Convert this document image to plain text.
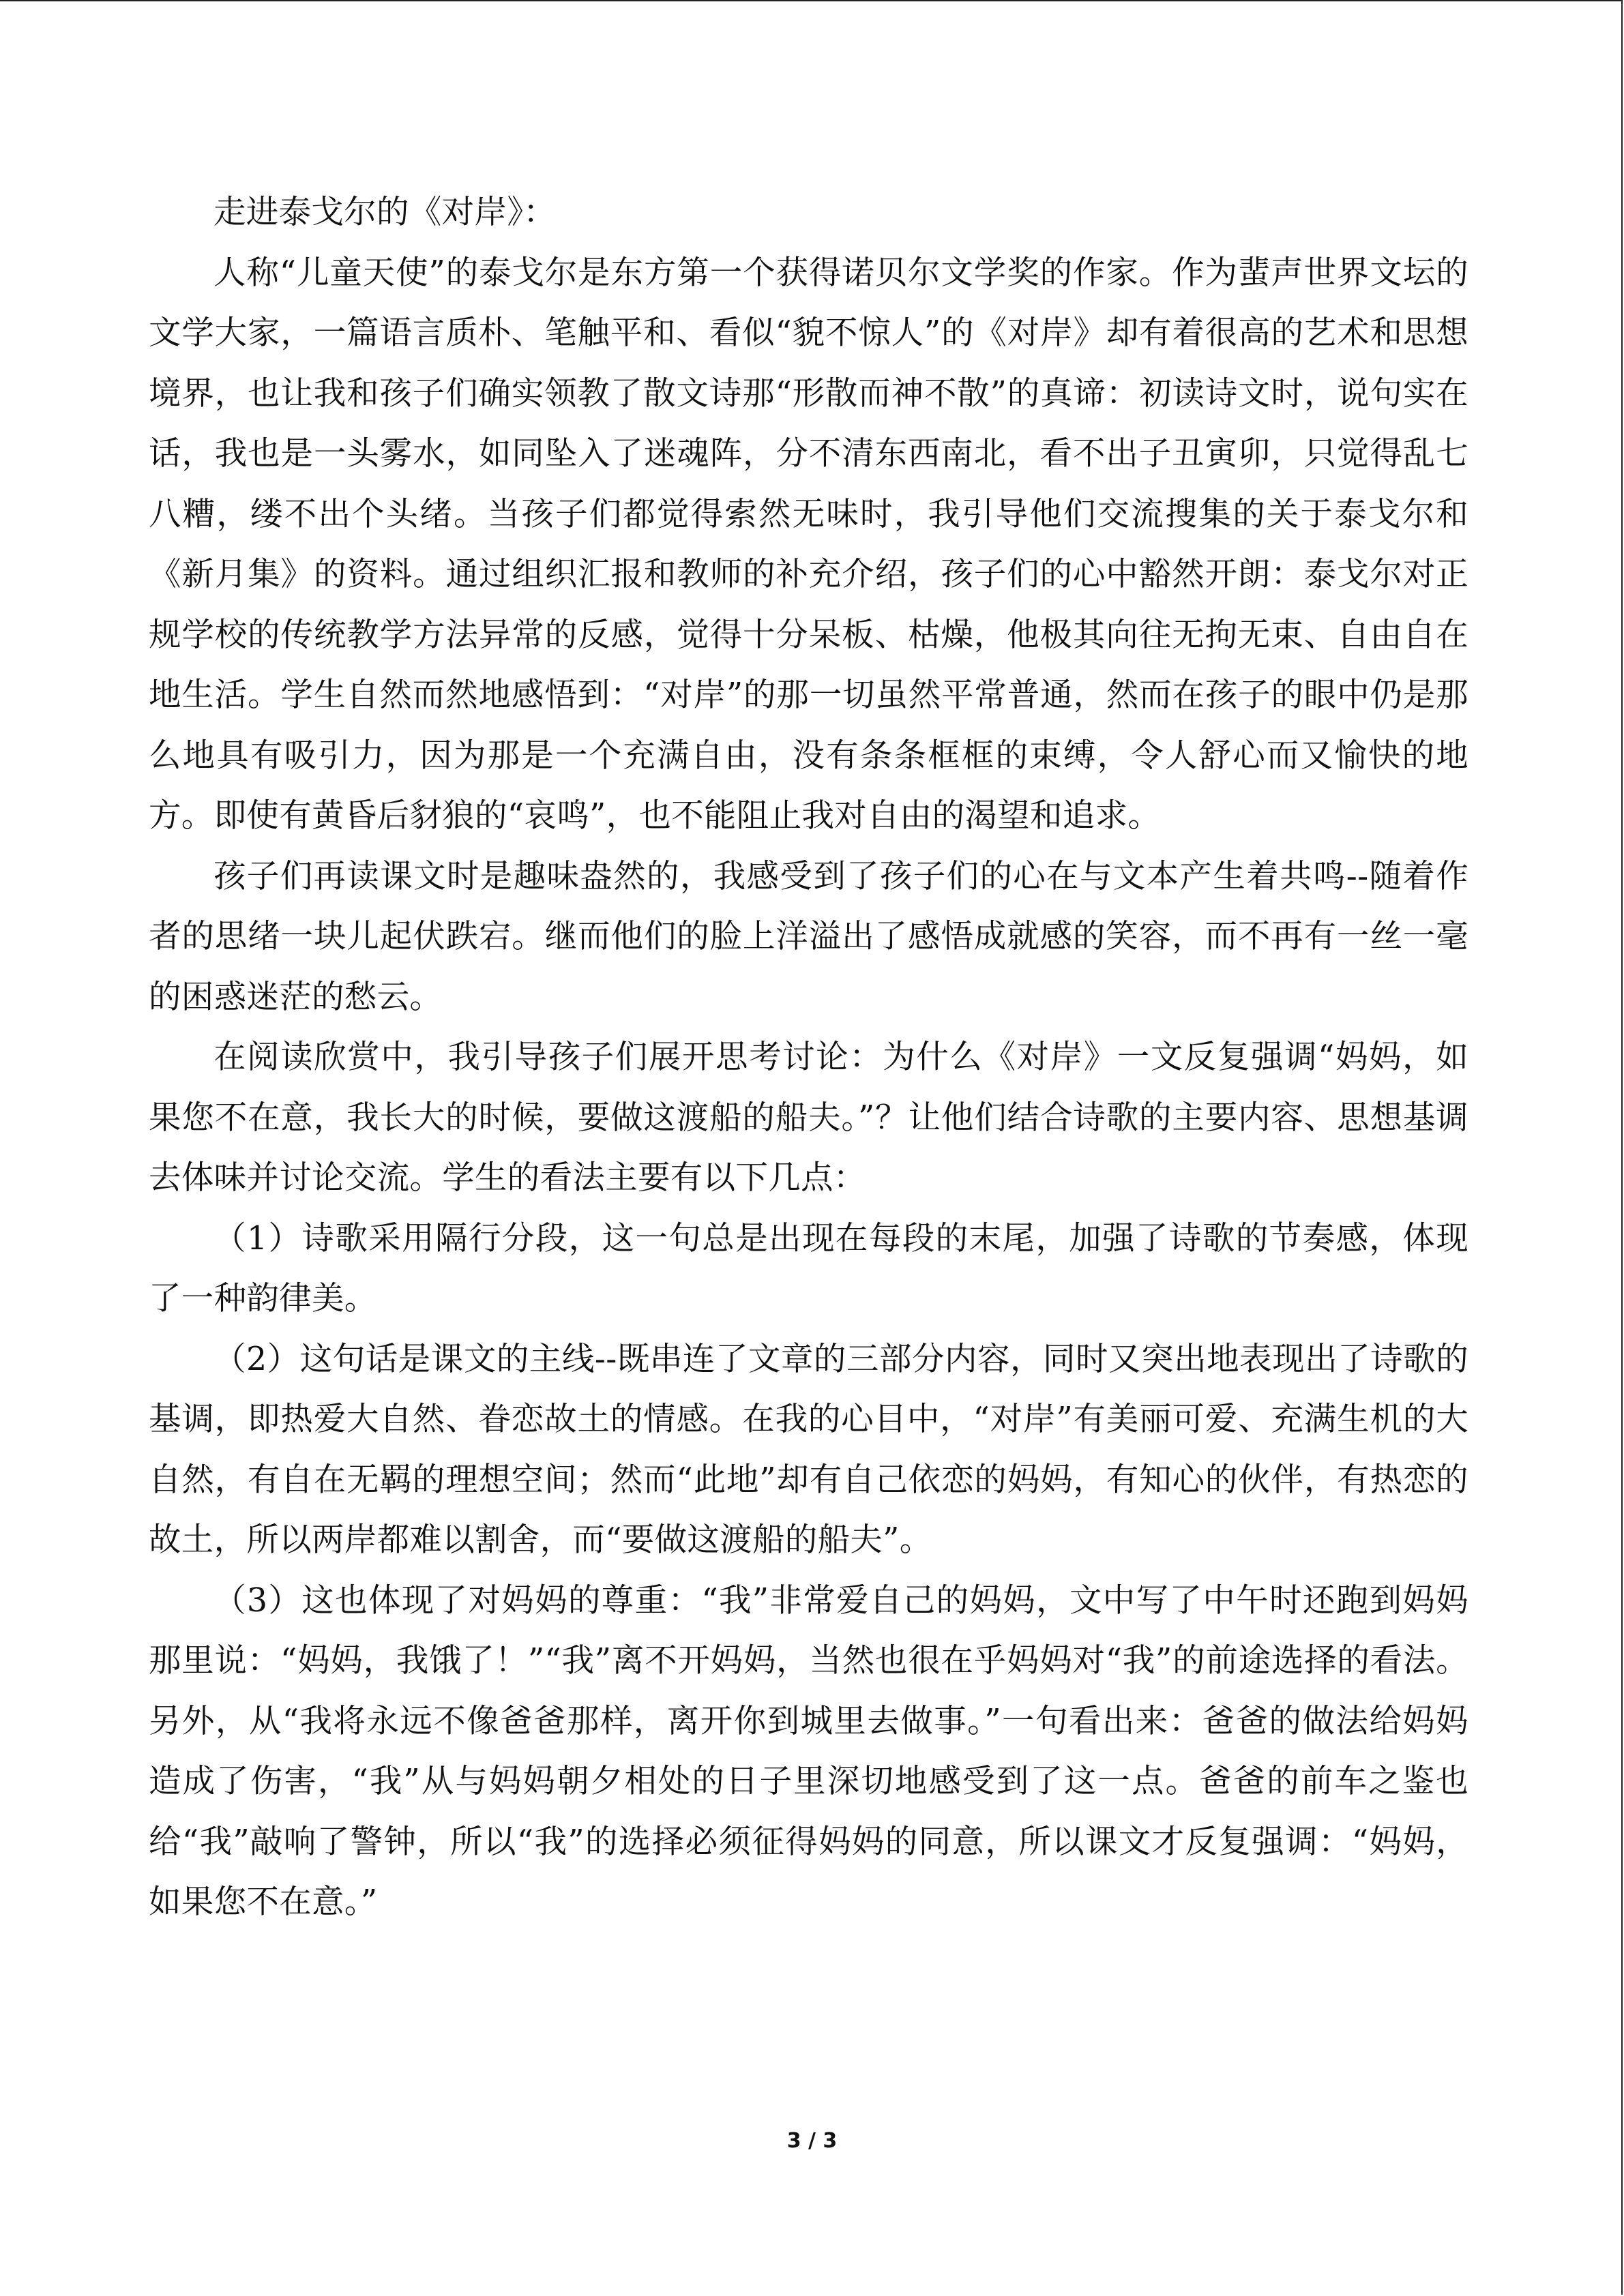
走进泰戈尔的《对岸》：

人称“儿童天使”的泰戈尔是东方第一个获得诺贝尔文学奖的作家。作为蜚声世界文坛的文学大家，一篇语言质朴、笔触平和、看似“貌不惊人”的《对岸》却有着很高的艺术和思想境界，也让我和孩子们确实领教了散文诗那“形散而神不散”的真谛：初读诗文时，说句实在话，我也是一头雾水，如同坠入了迷魂阵，分不清东西南北，看不出子丑寅卯，只觉得乱七八糟，缕不出个头绪。当孩子们都觉得索然无味时，我引导他们交流搜集的关于泰戈尔和《新月集》的资料。通过组织汇报和教师的补充介绍，孩子们的心中豁然开朗：泰戈尔对正规学校的传统教学方法异常的反感，觉得十分呆板、枯燥，他极其向往无拘无束、自由自在地生活。学生自然而然地感悟到：“对岸”的那一切虽然平常普通，然而在孩子的眼中仍是那么地具有吸引力，因为那是一个充满自由，没有条条框框的束缚，令人舒心而又愉快的地方。即使有黄昏后豺狼的“哀鸣”，也不能阻止我对自由的渴望和追求。

孩子们再读课文时是趣味盎然的，我感受到了孩子们的心在与文本产生着共鸣--随着作者的思绪一块儿起伏跌宕。继而他们的脸上洋溢出了感悟成就感的笑容，而不再有一丝一毫的困惑迷茫的愁云。

在阅读欣赏中，我引导孩子们展开思考讨论：为什么《对岸》一文反复强调“妈妈，如果您不在意，我长大的时候，要做这渡船的船夫。”？让他们结合诗歌的主要内容、思想基调去体味并讨论交流。学生的看法主要有以下几点：

（1）诗歌采用隔行分段，这一句总是出现在每段的末尾，加强了诗歌的节奏感，体现了一种韵律美。

（2）这句话是课文的主线--既串连了文章的三部分内容，同时又突出地表现出了诗歌的基调，即热爱大自然、眷恋故土的情感。在我的心目中，“对岸”有美丽可爱、充满生机的大自然，有自在无羁的理想空间；然而“此地”却有自己依恋的妈妈，有知心的伙伴，有热恋的故土，所以两岸都难以割舍，而“要做这渡船的船夫”。

（3）这也体现了对妈妈的尊重：“我”非常爱自己的妈妈，文中写了中午时还跑到妈妈那里说：“妈妈，我饿了！”“我”离不开妈妈，当然也很在乎妈妈对“我”的前途选择的看法。另外，从“我将永远不像爸爸那样，离开你到城里去做事。”一句看出来：爸爸的做法给妈妈造成了伤害，“我”从与妈妈朝夕相处的日子里深切地感受到了这一点。爸爸的前车之鉴也给“我”敲响了警钟，所以“我”的选择必须征得妈妈的同意，所以课文才反复强调：“妈妈，如果您不在意。”

3 / 3
